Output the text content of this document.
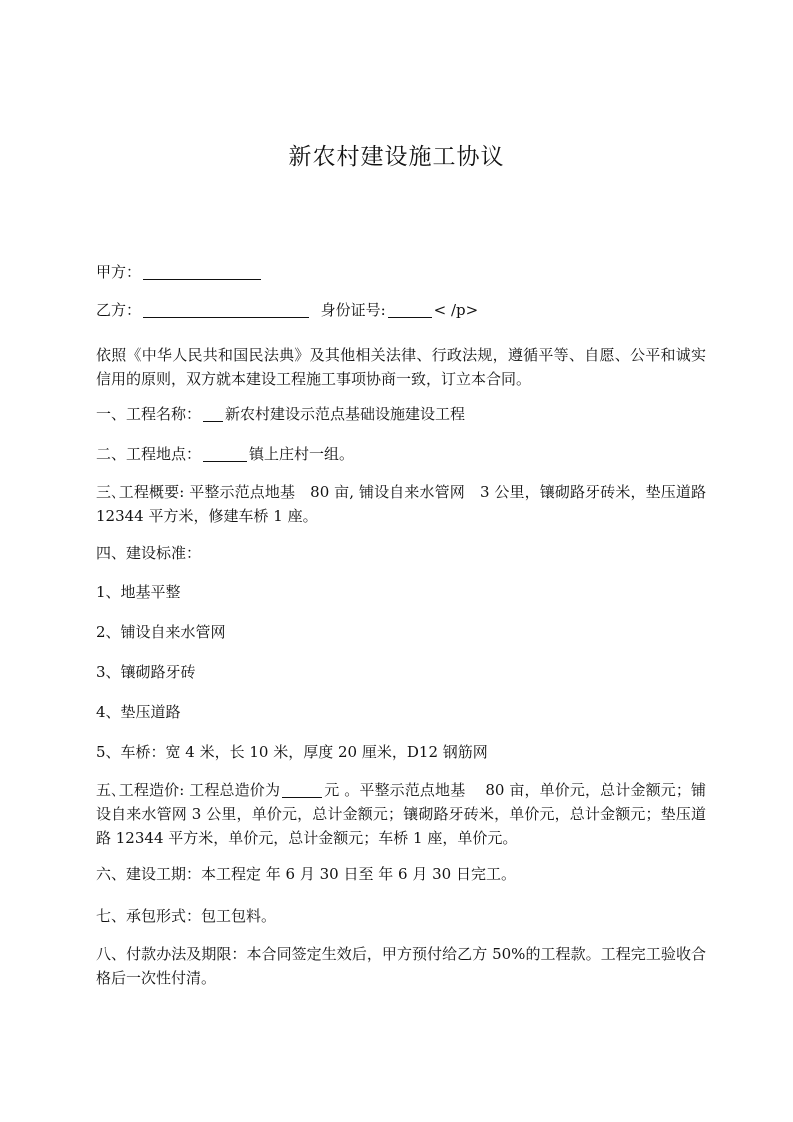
新农村建设施工协议
甲方：
乙方：	身份证号:	< /p>
依照《中华人民共和国民法典》及其他相关法律、行政法规，遵循平等、自愿、公平和诚实信用的原则，双方就本建设工程施工事项协商一致，订立本合同。
一、工程名称： 新农村建设示范点基础设施建设工程
二、工程地点：	镇上庄村一组。
三､工程概要: 平整示范点地基　80 亩, 铺设自来水管网　3 公里，镶砌路牙砖米，垫压道路 12344 平方米，修建车桥 1 座。
四、建设标准：
1、地基平整
2、铺设自来水管网
3、镶砌路牙砖
4、垫压道路
5、车桥：宽 4 米，长 10 米，厚度 20 厘米，D12 钢筋网
五､工程造价: 工程总造价为	元 。平整示范点地基　 80 亩，单价元，总计金额元；铺设自来水管网 3 公里，单价元，总计金额元；镶砌路牙砖米，单价元，总计金额元；垫压道路 12344 平方米，单价元，总计金额元；车桥 1 座，单价元。
六、建设工期：本工程定 年 6 月 30 日至 年 6 月 30 日完工。
七、承包形式：包工包料。
八、付款办法及期限：本合同签定生效后，甲方预付给乙方 50%的工程款。工程完工验收合格后一次性付清。
